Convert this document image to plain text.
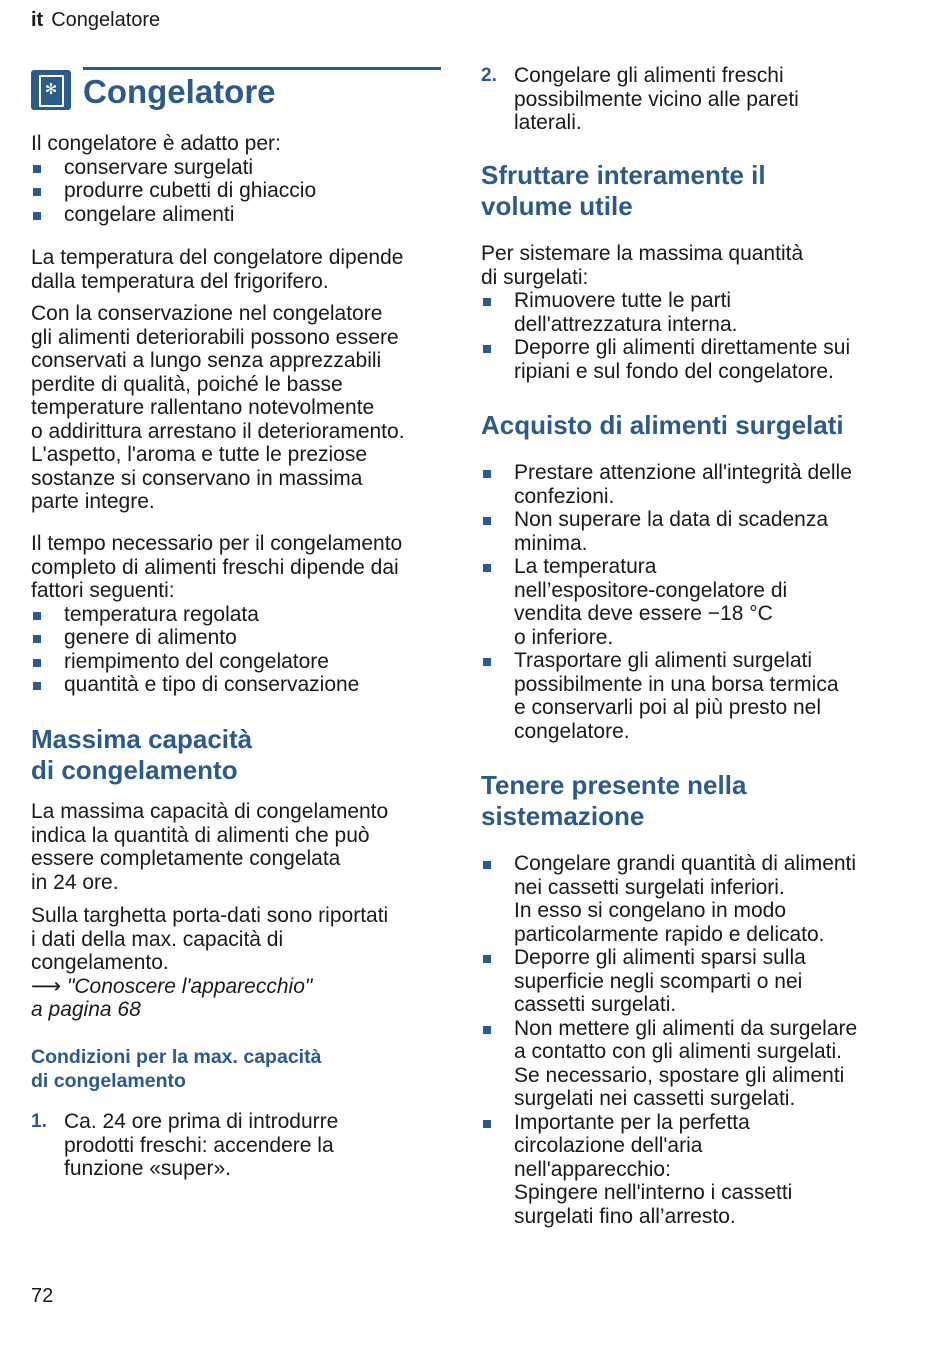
it Congelatore
✻ Congelatore

Il congelatore è adatto per:

conservare surgelati
produrre cubetti di ghiaccio
congelare alimenti

La temperatura del congelatore dipende
dalla temperatura del frigorifero.

Con la conservazione nel congelatore
gli alimenti deteriorabili possono essere
conservati a lungo senza apprezzabili
perdite di qualità, poiché le basse
temperature rallentano notevolmente
o addirittura arrestano il deterioramento.
L'aspetto, l'aroma e tutte le preziose
sostanze si conservano in massima
parte integre.

Il tempo necessario per il congelamento
completo di alimenti freschi dipende dai
fattori seguenti:

temperatura regolata
genere di alimento
riempimento del congelatore
quantità e tipo di conservazione
Massima capacità
di congelamento

La massima capacità di congelamento
indica la quantità di alimenti che può
essere completamente congelata
in 24 ore.

Sulla targhetta porta-dati sono riportati
i dati della max. capacità di
congelamento.
⟶ "Conoscere l'apparecchio"
a pagina 68

Condizioni per la max. capacità
di congelamento
1. Ca. 24 ore prima di introdurre
prodotti freschi: accendere la
funzione «super».
2. Congelare gli alimenti freschi
possibilmente vicino alle pareti
laterali.
Sfruttare interamente il
volume utile

Per sistemare la massima quantità
di surgelati:

Rimuovere tutte le parti
dell'attrezzatura interna.
Deporre gli alimenti direttamente sui
ripiani e sul fondo del congelatore.
Acquisto di alimenti surgelati
Prestare attenzione all'integrità delle
confezioni.
Non superare la data di scadenza
minima.
La temperatura
nell’espositore-congelatore di
vendita deve essere −18 °C
o inferiore.
Trasportare gli alimenti surgelati
possibilmente in una borsa termica
e conservarli poi al più presto nel
congelatore.
Tenere presente nella
sistemazione
Congelare grandi quantità di alimenti
nei cassetti surgelati inferiori.
In esso si congelano in modo
particolarmente rapido e delicato.
Deporre gli alimenti sparsi sulla
superficie negli scomparti o nei
cassetti surgelati.
Non mettere gli alimenti da surgelare
a contatto con gli alimenti surgelati.
Se necessario, spostare gli alimenti
surgelati nei cassetti surgelati.
Importante per la perfetta
circolazione dell'aria
nell'apparecchio:
Spingere nell'interno i cassetti
surgelati fino all’arresto.
72
